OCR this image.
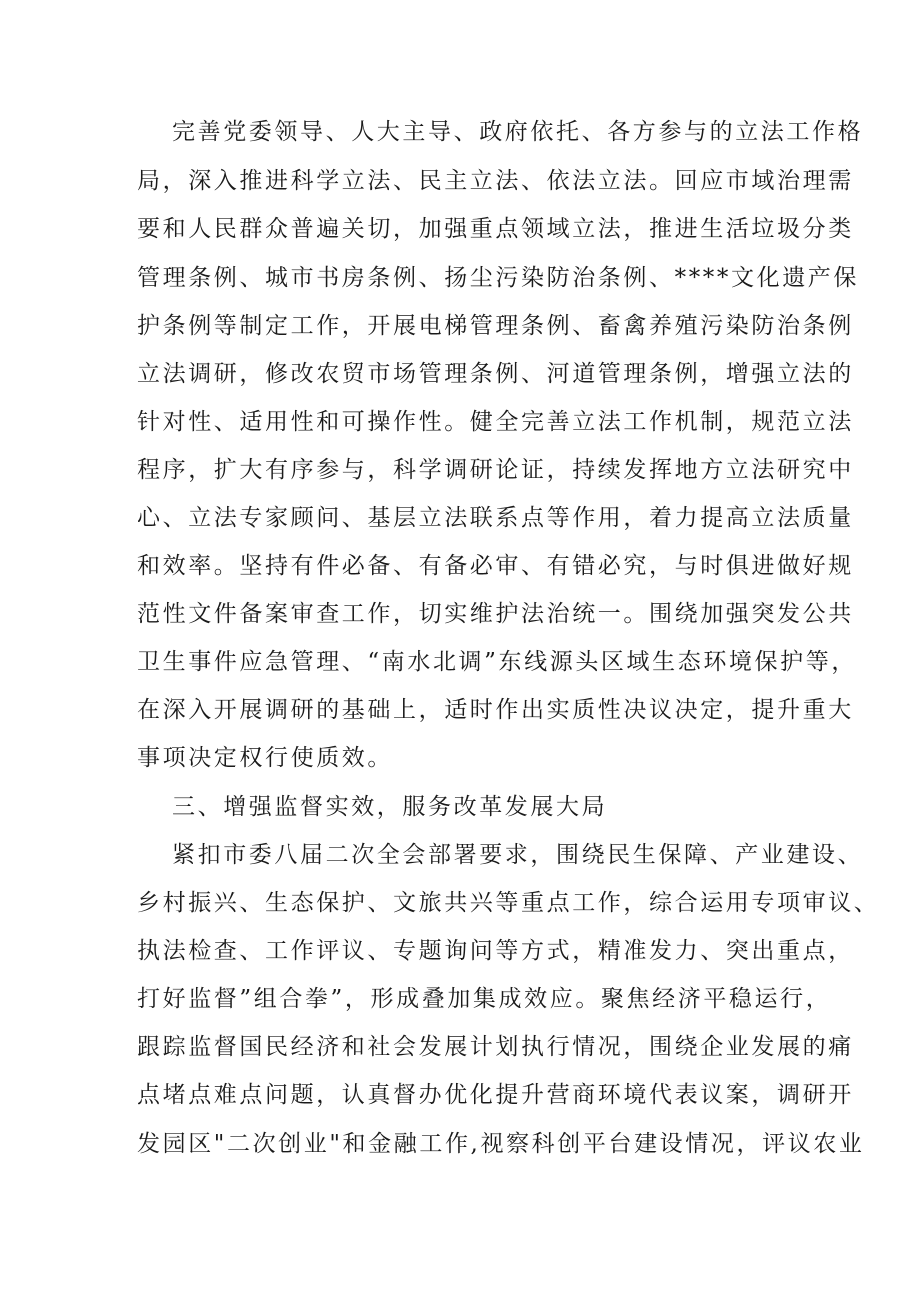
完善党委领导、人大主导、政府依托、各方参与的立法工作格
局，深入推进科学立法、民主立法、依法立法。回应市域治理需
要和人民群众普遍关切，加强重点领域立法，推进生活垃圾分类
管理条例、城市书房条例、扬尘污染防治条例、****文化遗产保
护条例等制定工作，开展电梯管理条例、畜禽养殖污染防治条例
立法调研，修改农贸市场管理条例、河道管理条例，增强立法的
针对性、适用性和可操作性。健全完善立法工作机制，规范立法
程序，扩大有序参与，科学调研论证，持续发挥地方立法研究中
心、立法专家顾问、基层立法联系点等作用，着力提高立法质量
和效率。坚持有件必备、有备必审、有错必究，与时俱进做好规
范性文件备案审查工作，切实维护法治统一。围绕加强突发公共
卫生事件应急管理、“南水北调”东线源头区域生态环境保护等，
在深入开展调研的基础上，适时作出实质性决议决定，提升重大
事项决定权行使质效。
三、增强监督实效，服务改革发展大局
紧扣市委八届二次全会部署要求，围绕民生保障、产业建设、
乡村振兴、生态保护、文旅共兴等重点工作，综合运用专项审议、
执法检查、工作评议、专题询问等方式，精准发力、突出重点，
打好监督”组合拳”，形成叠加集成效应。聚焦经济平稳运行，
跟踪监督国民经济和社会发展计划执行情况，围绕企业发展的痛
点堵点难点问题，认真督办优化提升营商环境代表议案，调研开
发园区"二次创业"和金融工作,视察科创平台建设情况，评议农业
